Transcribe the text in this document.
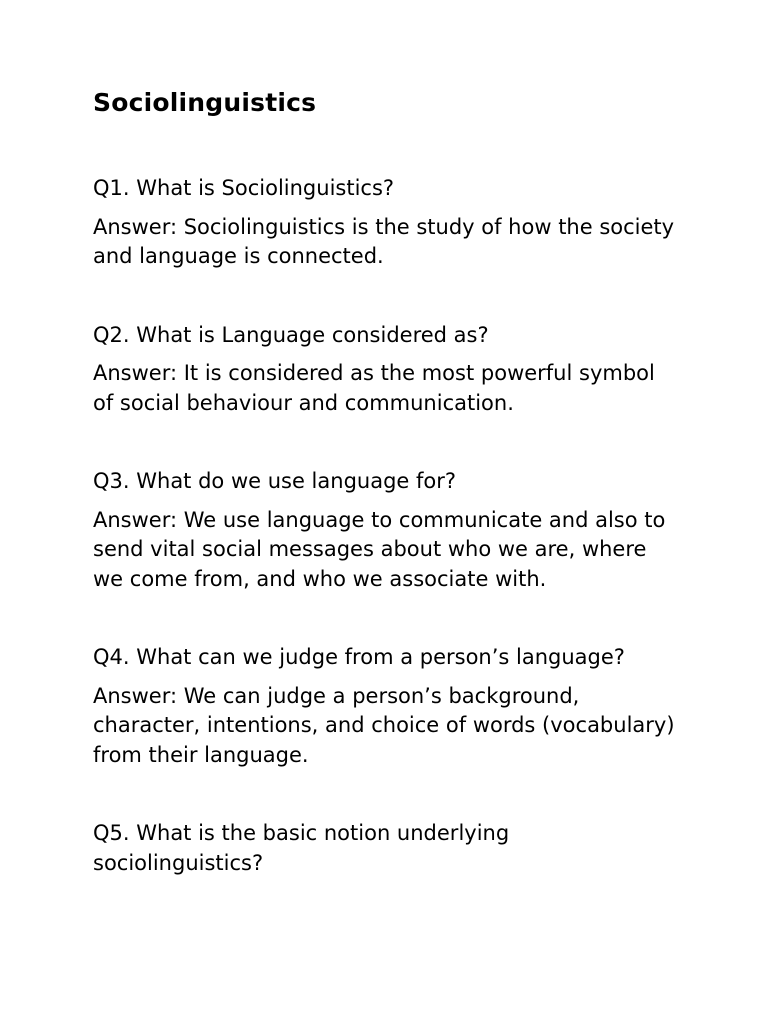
Sociolinguistics

Q1. What is Sociolinguistics?

Answer: Sociolinguistics is the study of how the society and language is connected.

Q2. What is Language considered as?

Answer: It is considered as the most powerful symbol of social behaviour and communication.

Q3. What do we use language for?

Answer: We use language to communicate and also to send vital social messages about who we are, where we come from, and who we associate with.

Q4. What can we judge from a person’s language?

Answer: We can judge a person’s background, character, intentions, and choice of words (vocabulary) from their language.

Q5. What is the basic notion underlying sociolinguistics?
